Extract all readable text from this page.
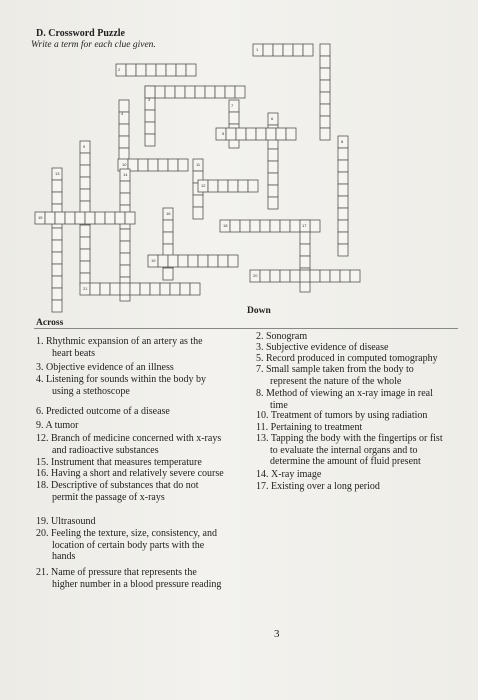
D. Crossword Puzzle
Write a term for each clue given.	1
2
3
4
5
6
7
8
9
10	11
12
13	14
15
16
17
18
19
20
21
Down
Across
1. Rhythmic expansion of an artery as the
heart beats
3. Objective evidence of an illness
4. Listening for sounds within the body by
using a stethoscope
6. Predicted outcome of a disease
9. A tumor
12. Branch of medicine concerned with x-rays
and radioactive substances
15. Instrument that measures temperature
16. Having a short and relatively severe course
18. Descriptive of substances that do not
permit the passage of x-rays
19. Ultrasound
20. Feeling the texture, size, consistency, and
location of certain body parts with the
hands
21. Name of pressure that represents the
higher number in a blood pressure reading
2. Sonogram
3. Subjective evidence of disease
5. Record produced in computed tomography
7. Small sample taken from the body to
represent the nature of the whole
8. Method of viewing an x-ray image in real
time
10. Treatment of tumors by using radiation
11. Pertaining to treatment
13. Tapping the body with the fingertips or fist
to evaluate the internal organs and to
determine the amount of fluid present
14. X-ray image
17. Existing over a long period
3
